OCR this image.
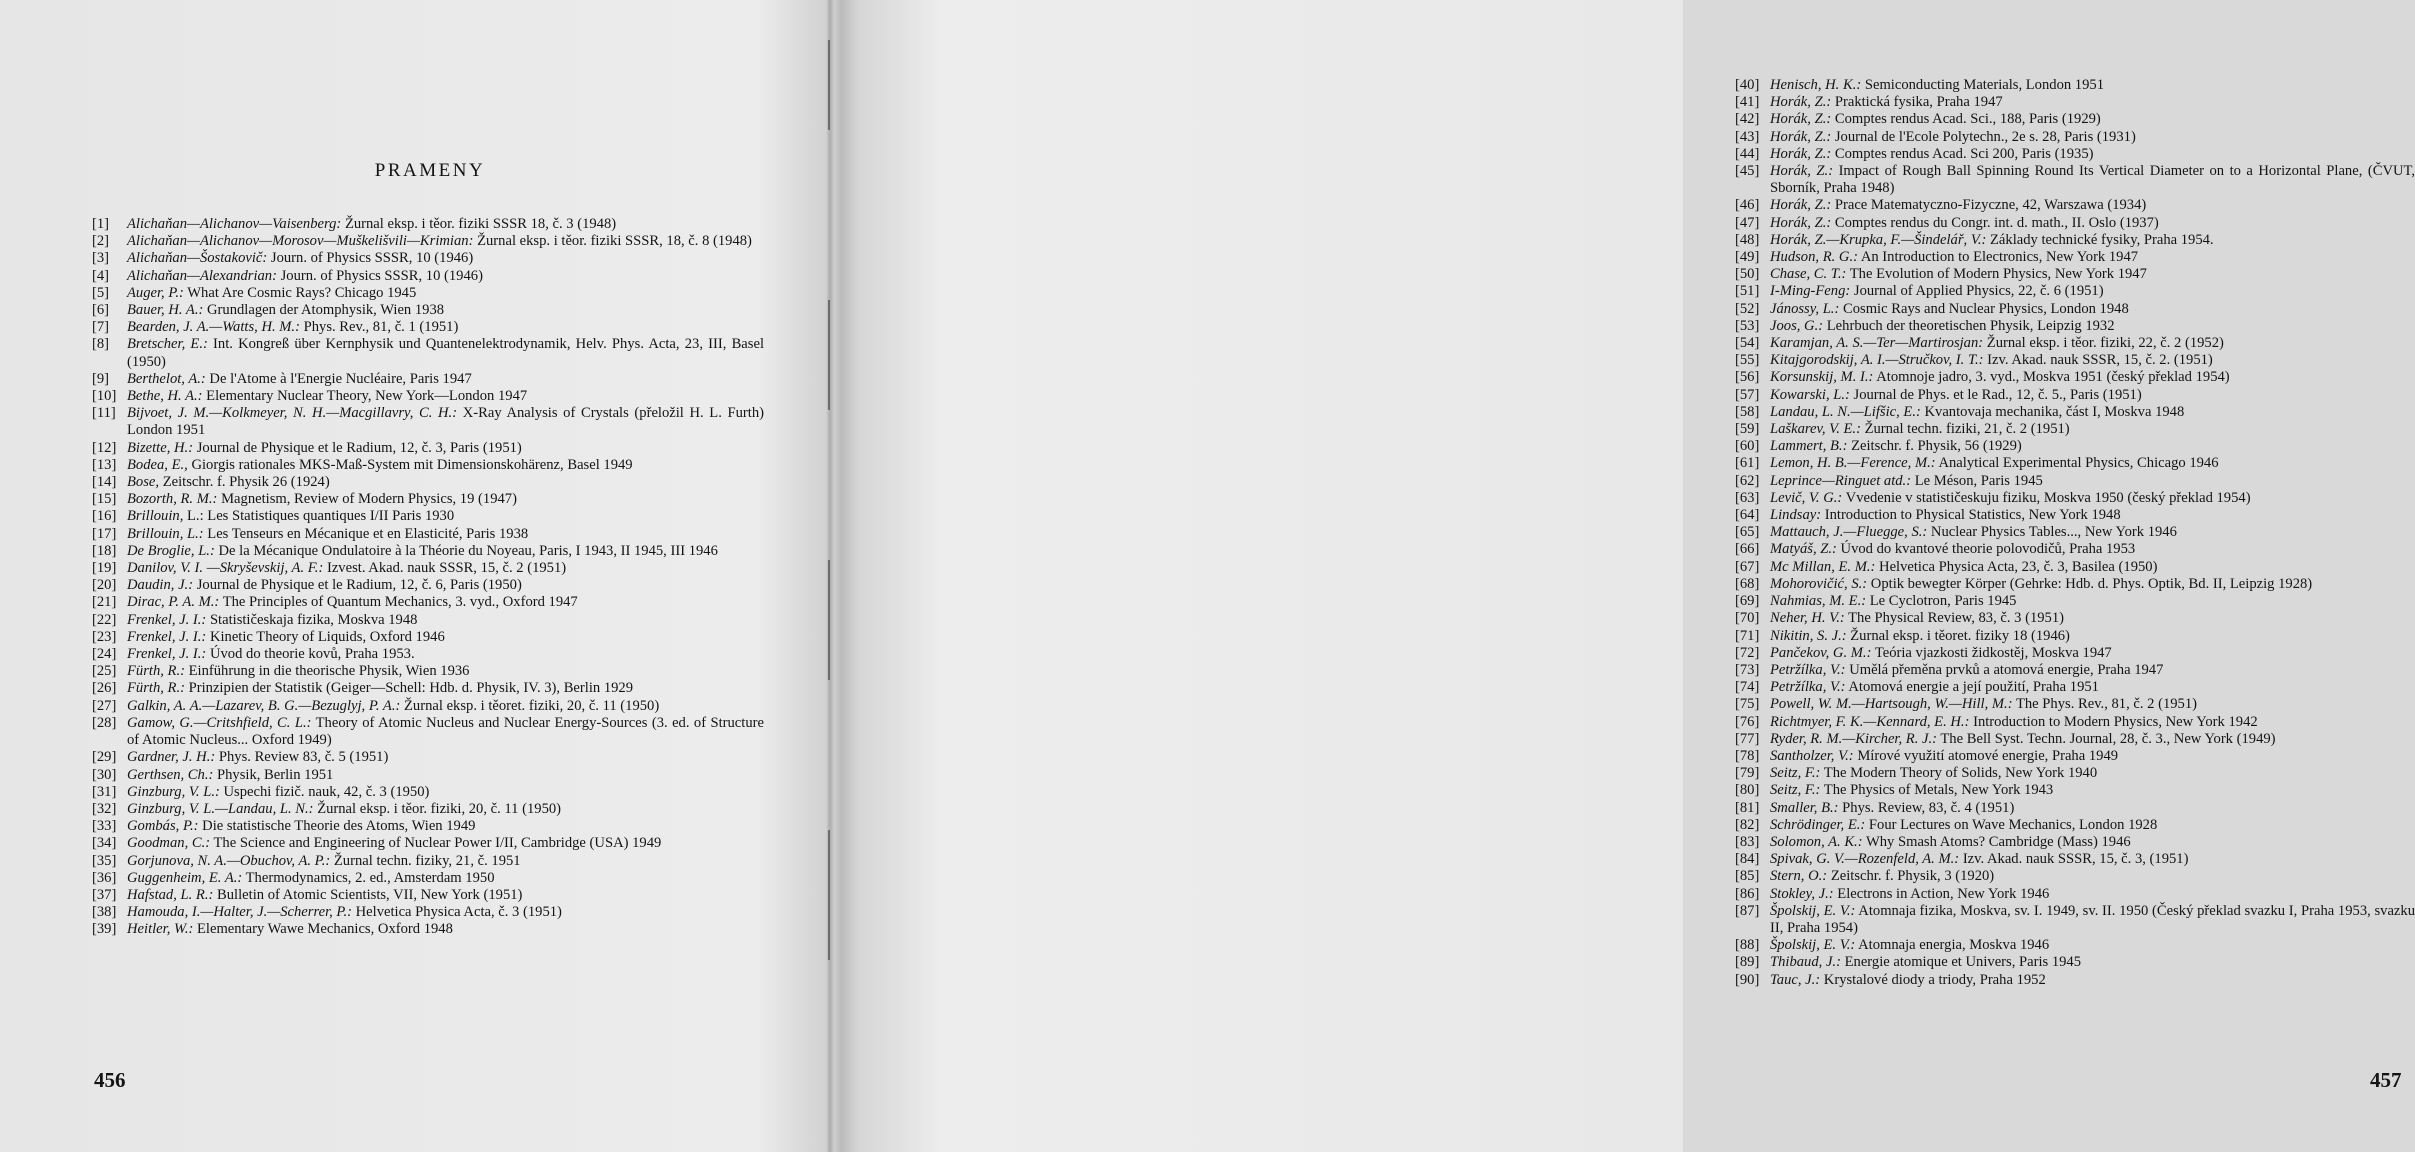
PRAMENY
[1]	Alichaňan—Alichanov—Vaisenberg: Žurnal eksp. i těor. fiziki SSSR 18, č. 3 (1948)
[2]	Alichaňan—Alichanov—Morosov—Muškelišvili—Krimian: Žurnal eksp. i těor. fiziki SSSR, 18, č. 8 (1948)
[3]	Alichaňan—Šostakovič: Journ. of Physics SSSR, 10 (1946)
[4]	Alichaňan—Alexandrian: Journ. of Physics SSSR, 10 (1946)
[5]	Auger, P.: What Are Cosmic Rays? Chicago 1945
[6]	Bauer, H. A.: Grundlagen der Atomphysik, Wien 1938
[7]	Bearden, J. A.—Watts, H. M.: Phys. Rev., 81, č. 1 (1951)
[8]	Bretscher, E.: Int. Kongreß über Kernphysik und Quantenelektrodynamik, Helv. Phys. Acta, 23, III, Basel (1950)
[9]	Berthelot, A.: De l'Atome à l'Energie Nucléaire, Paris 1947
[10] Bethe, H. A.: Elementary Nuclear Theory, New York—London 1947
[11] Bijvoet, J. M.—Kolkmeyer, N. H.—Macgillavry, C. H.: X-Ray Analysis of Crystals (přeložil H. L. Furth) London 1951
[12] Bizette, H.: Journal de Physique et le Radium, 12, č. 3, Paris (1951)
[13] Bodea, E., Giorgis rationales MKS-Maß-System mit Dimensionskohärenz, Basel 1949
[14] Bose, Zeitschr. f. Physik 26 (1924)
[15] Bozorth, R. M.: Magnetism, Review of Modern Physics, 19 (1947)
[16] Brillouin, L.: Les Statistiques quantiques I/II Paris 1930
[17] Brillouin, L.: Les Tenseurs en Mécanique et en Elasticité, Paris 1938
[18] De Broglie, L.: De la Mécanique Ondulatoire à la Théorie du Noyeau, Paris, I 1943, II 1945, III 1946
[19] Danilov, V. I. —Skryševskij, A. F.: Izvest. Akad. nauk SSSR, 15, č. 2 (1951)
[20] Daudin, J.: Journal de Physique et le Radium, 12, č. 6, Paris (1950)
[21] Dirac, P. A. M.: The Principles of Quantum Mechanics, 3. vyd., Oxford 1947
[22] Frenkel, J. I.: Statističeskaja fizika, Moskva 1948
[23] Frenkel, J. I.: Kinetic Theory of Liquids, Oxford 1946
[24] Frenkel, J. I.: Úvod do theorie kovů, Praha 1953.
[25] Fürth, R.: Einführung in die theorische Physik, Wien 1936
[26] Fürth, R.: Prinzipien der Statistik (Geiger—Schell: Hdb. d. Physik, IV. 3), Berlin 1929
[27] Galkin, A. A.—Lazarev, B. G.—Bezuglyj, P. A.: Žurnal eksp. i těoret. fiziki, 20, č. 11 (1950)
[28] Gamow, G.—Critshfield, C. L.: Theory of Atomic Nucleus and Nuclear Energy-Sources (3. ed. of Structure of Atomic Nucleus... Oxford 1949)
[29] Gardner, J. H.: Phys. Review 83, č. 5 (1951)
[30] Gerthsen, Ch.: Physik, Berlin 1951
[31] Ginzburg, V. L.: Uspechi fizič. nauk, 42, č. 3 (1950)
[32] Ginzburg, V. L.—Landau, L. N.: Žurnal eksp. i těor. fiziki, 20, č. 11 (1950)
[33] Gombás, P.: Die statistische Theorie des Atoms, Wien 1949
[34] Goodman, C.: The Science and Engineering of Nuclear Power I/II, Cambridge (USA) 1949
[35] Gorjunova, N. A.—Obuchov, A. P.: Žurnal techn. fiziky, 21, č. 1951
[36] Guggenheim, E. A.: Thermodynamics, 2. ed., Amsterdam 1950
[37] Hafstad, L. R.: Bulletin of Atomic Scientists, VII, New York (1951)
[38] Hamouda, I.—Halter, J.—Scherrer, P.: Helvetica Physica Acta, č. 3 (1951)
[39] Heitler, W.: Elementary Wawe Mechanics, Oxford 1948

456

[40] Henisch, H. K.: Semiconducting Materials, London 1951
[41] Horák, Z.: Praktická fysika, Praha 1947
[42] Horák, Z.: Comptes rendus Acad. Sci., 188, Paris (1929)
[43] Horák, Z.: Journal de l'Ecole Polytechn., 2e s. 28, Paris (1931)
[44] Horák, Z.: Comptes rendus Acad. Sci 200, Paris (1935)
[45] Horák, Z.: Impact of Rough Ball Spinning Round Its Vertical Diameter on to a Horizontal Plane, (ČVUT, Sborník, Praha 1948)
[46] Horák, Z.: Prace Matematyczno-Fizyczne, 42, Warszawa (1934)
[47] Horák, Z.: Comptes rendus du Congr. int. d. math., II. Oslo (1937)
[48] Horák, Z.—Krupka, F.—Šindelář, V.: Základy technické fysiky, Praha 1954.
[49] Hudson, R. G.: An Introduction to Electronics, New York 1947
[50] Chase, C. T.: The Evolution of Modern Physics, New York 1947
[51] I-Ming-Feng: Journal of Applied Physics, 22, č. 6 (1951)
[52] Jánossy, L.: Cosmic Rays and Nuclear Physics, London 1948
[53] Joos, G.: Lehrbuch der theoretischen Physik, Leipzig 1932
[54] Karamjan, A. S.—Ter—Martirosjan: Žurnal eksp. i těor. fiziki, 22, č. 2 (1952)
[55] Kitajgorodskij, A. I.—Stručkov, I. T.: Izv. Akad. nauk SSSR, 15, č. 2. (1951)
[56] Korsunskij, M. I.: Atomnoje jadro, 3. vyd., Moskva 1951 (český překlad 1954)
[57] Kowarski, L.: Journal de Phys. et le Rad., 12, č. 5., Paris (1951)
[58] Landau, L. N.—Lifšic, E.: Kvantovaja mechanika, část I, Moskva 1948
[59] Laškarev, V. E.: Žurnal techn. fiziki, 21, č. 2 (1951)
[60] Lammert, B.: Zeitschr. f. Physik, 56 (1929)
[61] Lemon, H. B.—Ference, M.: Analytical Experimental Physics, Chicago 1946
[62] Leprince—Ringuet atd.: Le Méson, Paris 1945
[63] Levič, V. G.: Vvedenie v statističeskuju fiziku, Moskva 1950 (český překlad 1954)
[64] Lindsay: Introduction to Physical Statistics, New York 1948
[65] Mattauch, J.—Fluegge, S.: Nuclear Physics Tables..., New York 1946
[66] Matyáš, Z.: Úvod do kvantové theorie polovodičů, Praha 1953
[67] Mc Millan, E. M.: Helvetica Physica Acta, 23, č. 3, Basilea (1950)
[68] Mohorovičić, S.: Optik bewegter Körper (Gehrke: Hdb. d. Phys. Optik, Bd. II, Leipzig 1928)
[69] Nahmias, M. E.: Le Cyclotron, Paris 1945
[70] Neher, H. V.: The Physical Review, 83, č. 3 (1951)
[71] Nikitin, S. J.: Žurnal eksp. i těoret. fiziky 18 (1946)
[72] Pančekov, G. M.: Teória vjazkosti židkostěj, Moskva 1947
[73] Petržílka, V.: Umělá přeměna prvků a atomová energie, Praha 1947
[74] Petržílka, V.: Atomová energie a její použití, Praha 1951
[75] Powell, W. M.—Hartsough, W.—Hill, M.: The Phys. Rev., 81, č. 2 (1951)
[76] Richtmyer, F. K.—Kennard, E. H.: Introduction to Modern Physics, New York 1942
[77] Ryder, R. M.—Kircher, R. J.: The Bell Syst. Techn. Journal, 28, č. 3., New York (1949)
[78] Santholzer, V.: Mírové využití atomové energie, Praha 1949
[79] Seitz, F.: The Modern Theory of Solids, New York 1940
[80] Seitz, F.: The Physics of Metals, New York 1943
[81] Smaller, B.: Phys. Review, 83, č. 4 (1951)
[82] Schrödinger, E.: Four Lectures on Wave Mechanics, London 1928
[83] Solomon, A. K.: Why Smash Atoms? Cambridge (Mass) 1946
[84] Spivak, G. V.—Rozenfeld, A. M.: Izv. Akad. nauk SSSR, 15, č. 3, (1951)
[85] Stern, O.: Zeitschr. f. Physik, 3 (1920)
[86] Stokley, J.: Electrons in Action, New York 1946
[87] Špolskij, E. V.: Atomnaja fizika, Moskva, sv. I. 1949, sv. II. 1950 (Český překlad svazku I, Praha 1953, svazku II, Praha 1954)
[88] Špolskij, E. V.: Atomnaja energia, Moskva 1946
[89] Thibaud, J.: Energie atomique et Univers, Paris 1945
[90] Tauc, J.: Krystalové diody a triody, Praha 1952

457
